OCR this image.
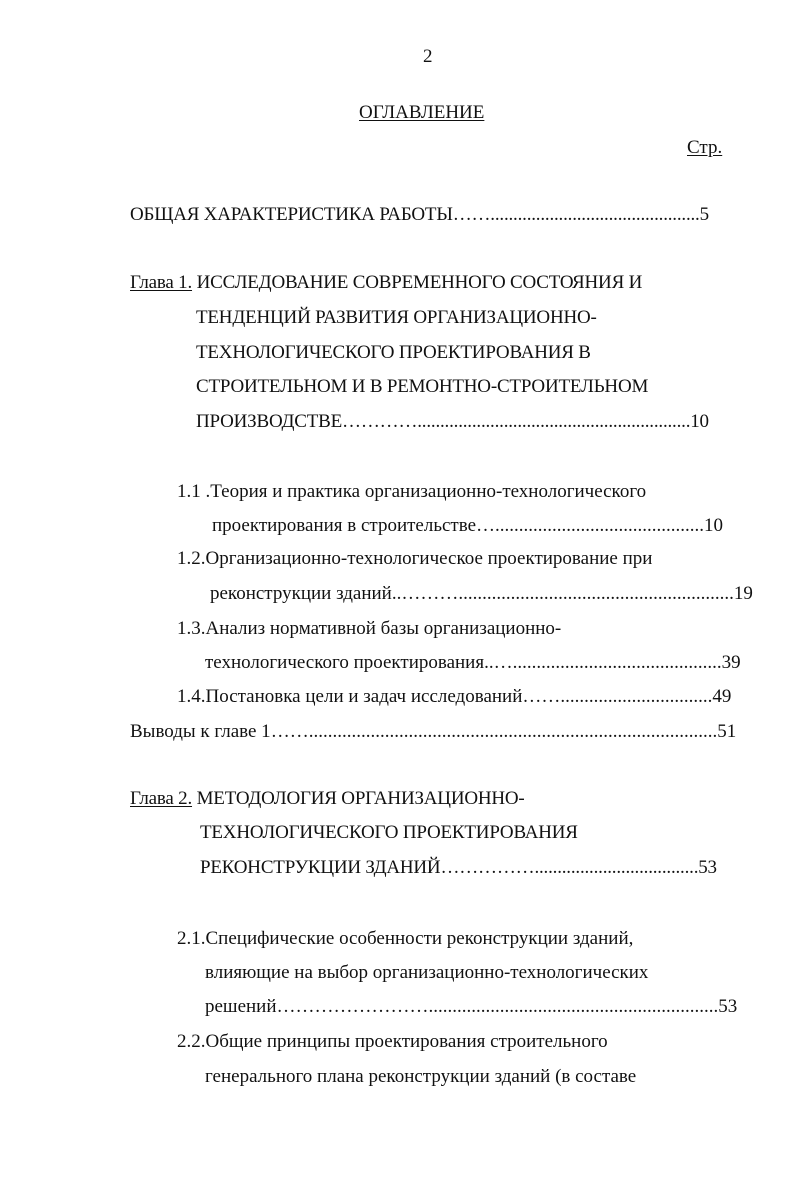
2
ОГЛАВЛЕНИЕ
Стр.
ОБЩАЯ ХАРАКТЕРИСТИКА РАБОТЫ……..............................................5
Глава 1. ИССЛЕДОВАНИЕ СОВРЕМЕННОГО СОСТОЯНИЯ И
ТЕНДЕНЦИЙ РАЗВИТИЯ ОРГАНИЗАЦИОННО-
ТЕХНОЛОГИЧЕСКОГО ПРОЕКТИРОВАНИЯ В
СТРОИТЕЛЬНОМ И В РЕМОНТНО-СТРОИТЕЛЬНОМ
ПРОИЗВОДСТВЕ…………............................................................10
1.1 .Теория и практика организационно-технологического
проектирования в строительстве…............................................10
1.2.Организационно-технологическое проектирование при
реконструкции зданий..………..........................................................19
1.3.Анализ нормативной базы организационно-
технологического проектирования..…............................................39
1.4.Постановка цели и задач исследований……................................49
Выводы к главе 1……......................................................................................51
Глава 2. МЕТОДОЛОГИЯ ОРГАНИЗАЦИОННО-
ТЕХНОЛОГИЧЕСКОГО ПРОЕКТИРОВАНИЯ
РЕКОНСТРУКЦИИ ЗДАНИЙ……………....................................53
2.1.Специфические особенности реконструкции зданий,
влияющие на выбор организационно-технологических
решений…………………….............................................................53
2.2.Общие принципы проектирования строительного
генерального плана реконструкции зданий (в составе
